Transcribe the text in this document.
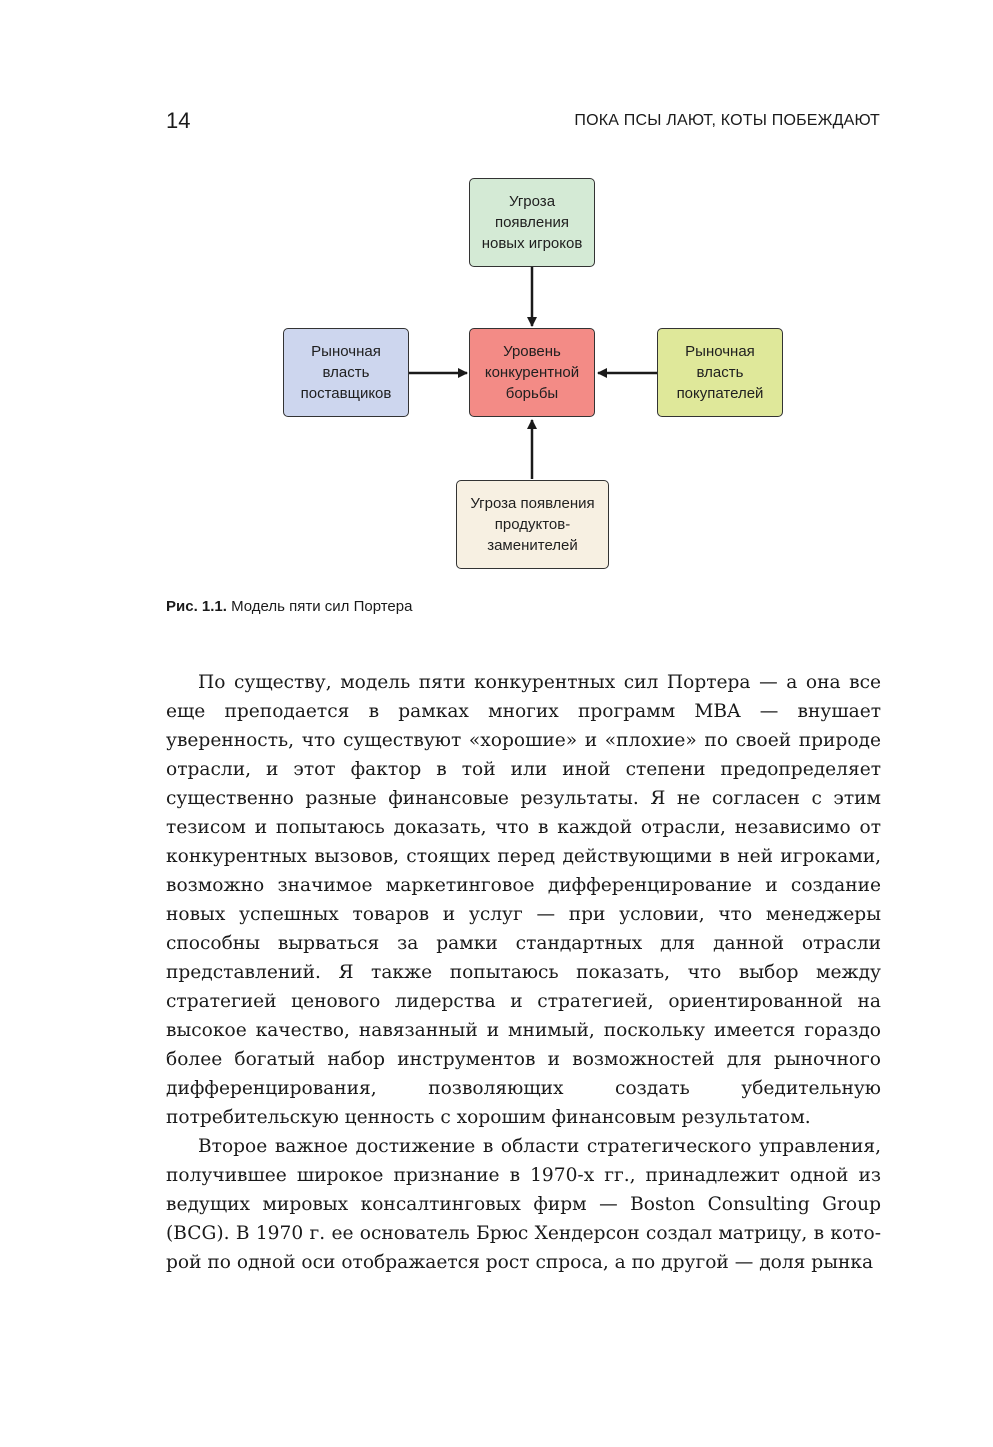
14	ПОКА ПСЫ ЛАЮТ, КОТЫ ПОБЕЖДАЮТ
Угроза
появления
новых игроков
Рыночная
власть
поставщиков
Уровень
конкурентной
борьбы
Рыночная
власть
покупателей
Угроза появления
продуктов-
заменителей
Рис. 1.1. Модель пяти сил Портера

По существу, модель пяти конкурентных сил Портера — а она все еще преподается в рамках многих программ MBA — внушает уверенность, что существуют «хорошие» и «плохие» по своей природе отрасли, и этот фактор в той или иной степени предопределяет существенно разные финансовые результаты. Я не согласен с этим тезисом и попытаюсь доказать, что в каждой отрасли, независимо от конкурентных вызовов, стоящих перед действующими в ней игроками, возможно значимое маркетинговое дифференцирование и создание новых успешных товаров и услуг — при условии, что менеджеры способны вырваться за рамки стандартных для данной отрасли представлений. Я также попытаюсь показать, что выбор между стратегией ценового лидерства и стратегией, ориентированной на высокое качество, навязанный и мнимый, поскольку имеется гораздо более богатый набор инструментов и возможностей для рыночного дифференцирования, позволяющих создать убедительную потребительскую ценность с хорошим финансовым результатом.

Второе важное достижение в области стратегического управления, получившее широкое признание в 1970-х гг., принадлежит одной из ведущих мировых консалтинговых фирм — Boston Consulting Group (BCG). В 1970 г. ее основатель Брюс Хендерсон создал матрицу, в которой по одной оси отображается рост спроса, а по другой — доля рынка
